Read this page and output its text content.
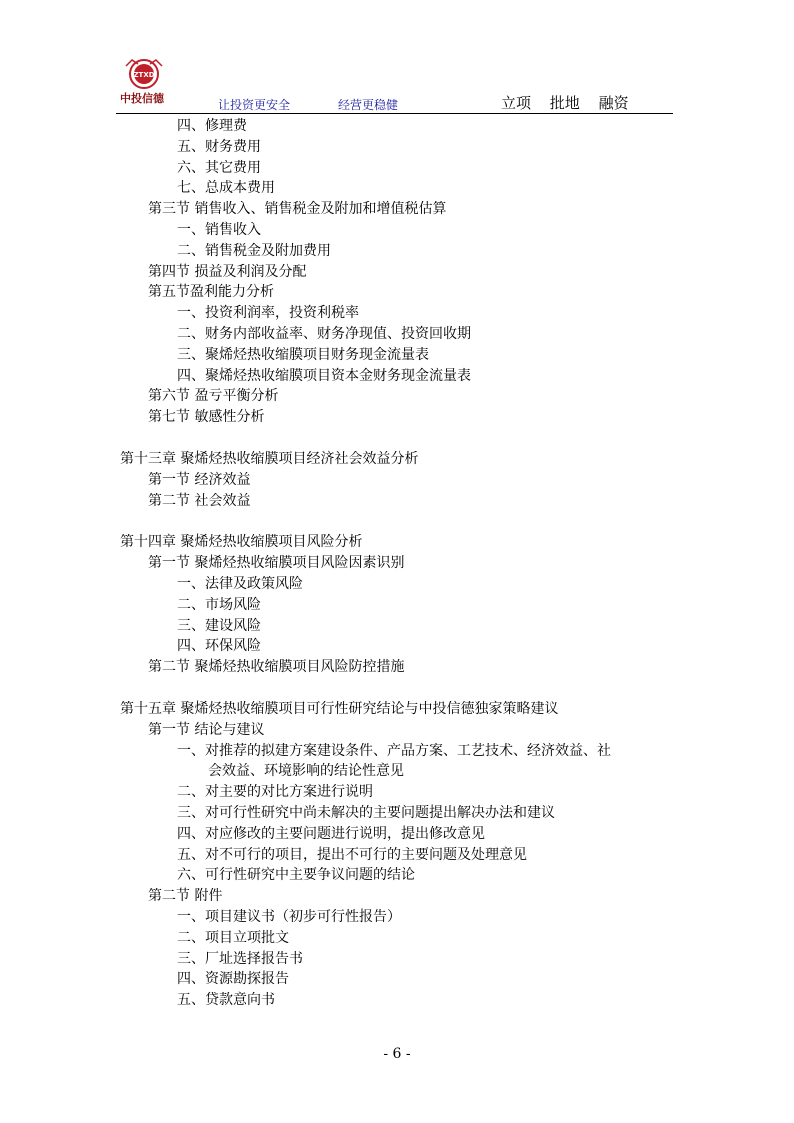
ZTXD
中投信德	让投资更安全	经营更稳健	立项 批地 融资
四、修理费
五、财务费用
六、其它费用
七、总成本费用
第三节 销售收入、销售税金及附加和增值税估算
一、销售收入
二、销售税金及附加费用
第四节 损益及利润及分配
第五节盈利能力分析
一、投资利润率，投资利税率
二、财务内部收益率、财务净现值、投资回收期
三、聚烯烃热收缩膜项目财务现金流量表
四、聚烯烃热收缩膜项目资本金财务现金流量表
第六节 盈亏平衡分析
第七节 敏感性分析
第十三章 聚烯烃热收缩膜项目经济社会效益分析
第一节 经济效益
第二节 社会效益
第十四章 聚烯烃热收缩膜项目风险分析
第一节 聚烯烃热收缩膜项目风险因素识别
一、法律及政策风险
二、市场风险
三、建设风险
四、环保风险
第二节 聚烯烃热收缩膜项目风险防控措施
第十五章 聚烯烃热收缩膜项目可行性研究结论与中投信德独家策略建议
第一节 结论与建议
一、对推荐的拟建方案建设条件、产品方案、工艺技术、经济效益、社
会效益、环境影响的结论性意见
二、对主要的对比方案进行说明
三、对可行性研究中尚未解决的主要问题提出解决办法和建议
四、对应修改的主要问题进行说明，提出修改意见
五、对不可行的项目，提出不可行的主要问题及处理意见
六、可行性研究中主要争议问题的结论
第二节 附件
一、项目建议书（初步可行性报告）
二、项目立项批文
三、厂址选择报告书
四、资源勘探报告
五、贷款意向书
- 6 -
